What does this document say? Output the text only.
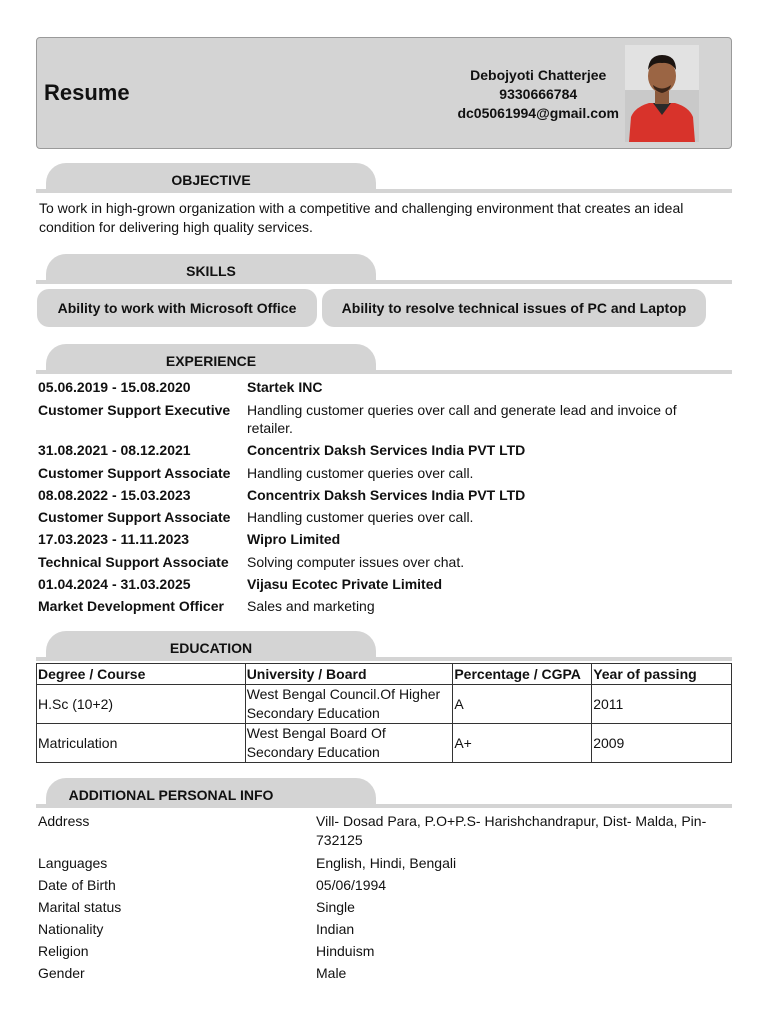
Resume
Debojyoti Chatterjee
9330666784
dc05061994@gmail.com
OBJECTIVE
To work in high-grown organization with a competitive and challenging environment that creates an ideal condition for delivering high quality services.
SKILLS
Ability to work with Microsoft Office	Ability to resolve technical issues of PC and Laptop
EXPERIENCE
05.06.2019 - 15.08.2020	Startek INC
Customer Support Executive	Handling customer queries over call and generate lead and invoice of retailer.
31.08.2021 - 08.12.2021	Concentrix Daksh Services India PVT LTD
Customer Support Associate	Handling customer queries over call.
08.08.2022 - 15.03.2023	Concentrix Daksh Services India PVT LTD
Customer Support Associate	Handling customer queries over call.
17.03.2023 - 11.11.2023	Wipro Limited
Technical Support Associate	Solving computer issues over chat.
01.04.2024 - 31.03.2025	Vijasu Ecotec Private Limited
Market Development Officer	Sales and marketing
EDUCATION
Degree / Course	University / Board	Percentage / CGPA	Year of passing
H.Sc (10+2)	West Bengal Council.Of Higher Secondary Education	A	2011
Matriculation	West Bengal Board Of Secondary Education	A+	2009
ADDITIONAL PERSONAL INFO
Address	Vill- Dosad Para, P.O+P.S- Harishchandrapur, Dist- Malda, Pin-732125
Languages	English, Hindi, Bengali
Date of Birth	05/06/1994
Marital status	Single
Nationality	Indian
Religion	Hinduism
Gender	Male
